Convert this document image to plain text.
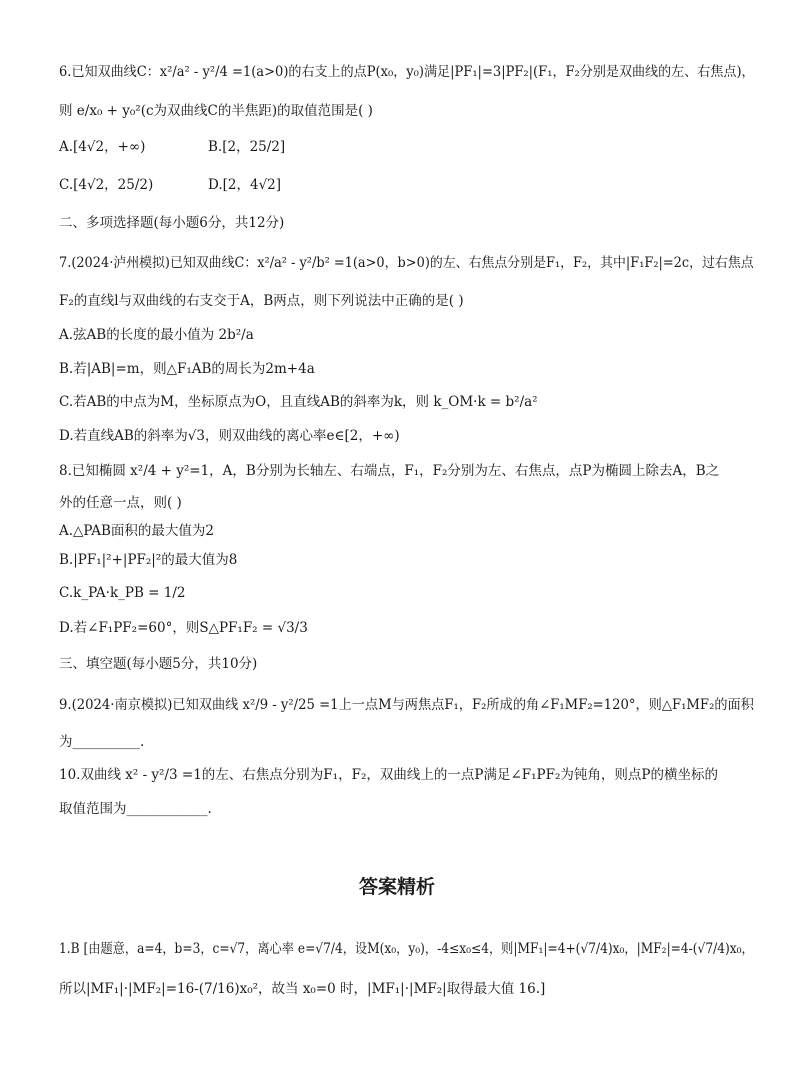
6.已知双曲线C：x²/a² - y²/4 =1(a>0)的右支上的点P(x₀，y₀)满足|PF₁|=3|PF₂|(F₁，F₂分别是双曲线的左、右焦点)，
则 e/x₀ + y₀²(c为双曲线C的半焦距)的取值范围是( )
A.[4√2，+∞)	B.[2，25/2]
C.[4√2，25/2)	D.[2，4√2]
二、多项选择题(每小题6分，共12分)
7.(2024·泸州模拟)已知双曲线C：x²/a² - y²/b² =1(a>0，b>0)的左、右焦点分别是F₁，F₂，其中|F₁F₂|=2c，过右焦点
F₂的直线l与双曲线的右支交于A，B两点，则下列说法中正确的是( )
A.弦AB的长度的最小值为 2b²/a
B.若|AB|=m，则△F₁AB的周长为2m+4a
C.若AB的中点为M，坐标原点为O，且直线AB的斜率为k，则 k_OM·k = b²/a²
D.若直线AB的斜率为√3，则双曲线的离心率e∈[2，+∞)
8.已知椭圆 x²/4 + y²=1，A，B分别为长轴左、右端点，F₁，F₂分别为左、右焦点，点P为椭圆上除去A，B之
外的任意一点，则( )
A.△PAB面积的最大值为2
B.|PF₁|²+|PF₂|²的最大值为8
C.k_PA·k_PB = 1/2
D.若∠F₁PF₂=60°，则S△PF₁F₂ = √3/3
三、填空题(每小题5分，共10分)
9.(2024·南京模拟)已知双曲线 x²/9 - y²/25 =1上一点M与两焦点F₁，F₂所成的角∠F₁MF₂=120°，则△F₁MF₂的面积
为__________.
10.双曲线 x² - y²/3 =1的左、右焦点分别为F₁，F₂，双曲线上的一点P满足∠F₁PF₂为钝角，则点P的横坐标的
取值范围为____________.
答案精析
1.B [由题意，a=4，b=3，c=√7，离心率 e=√7/4，设M(x₀，y₀)，-4≤x₀≤4，则|MF₁|=4+(√7/4)x₀，|MF₂|=4-(√7/4)x₀，
所以|MF₁|·|MF₂|=16-(7/16)x₀²，故当 x₀=0 时，|MF₁|·|MF₂|取得最大值 16.]
